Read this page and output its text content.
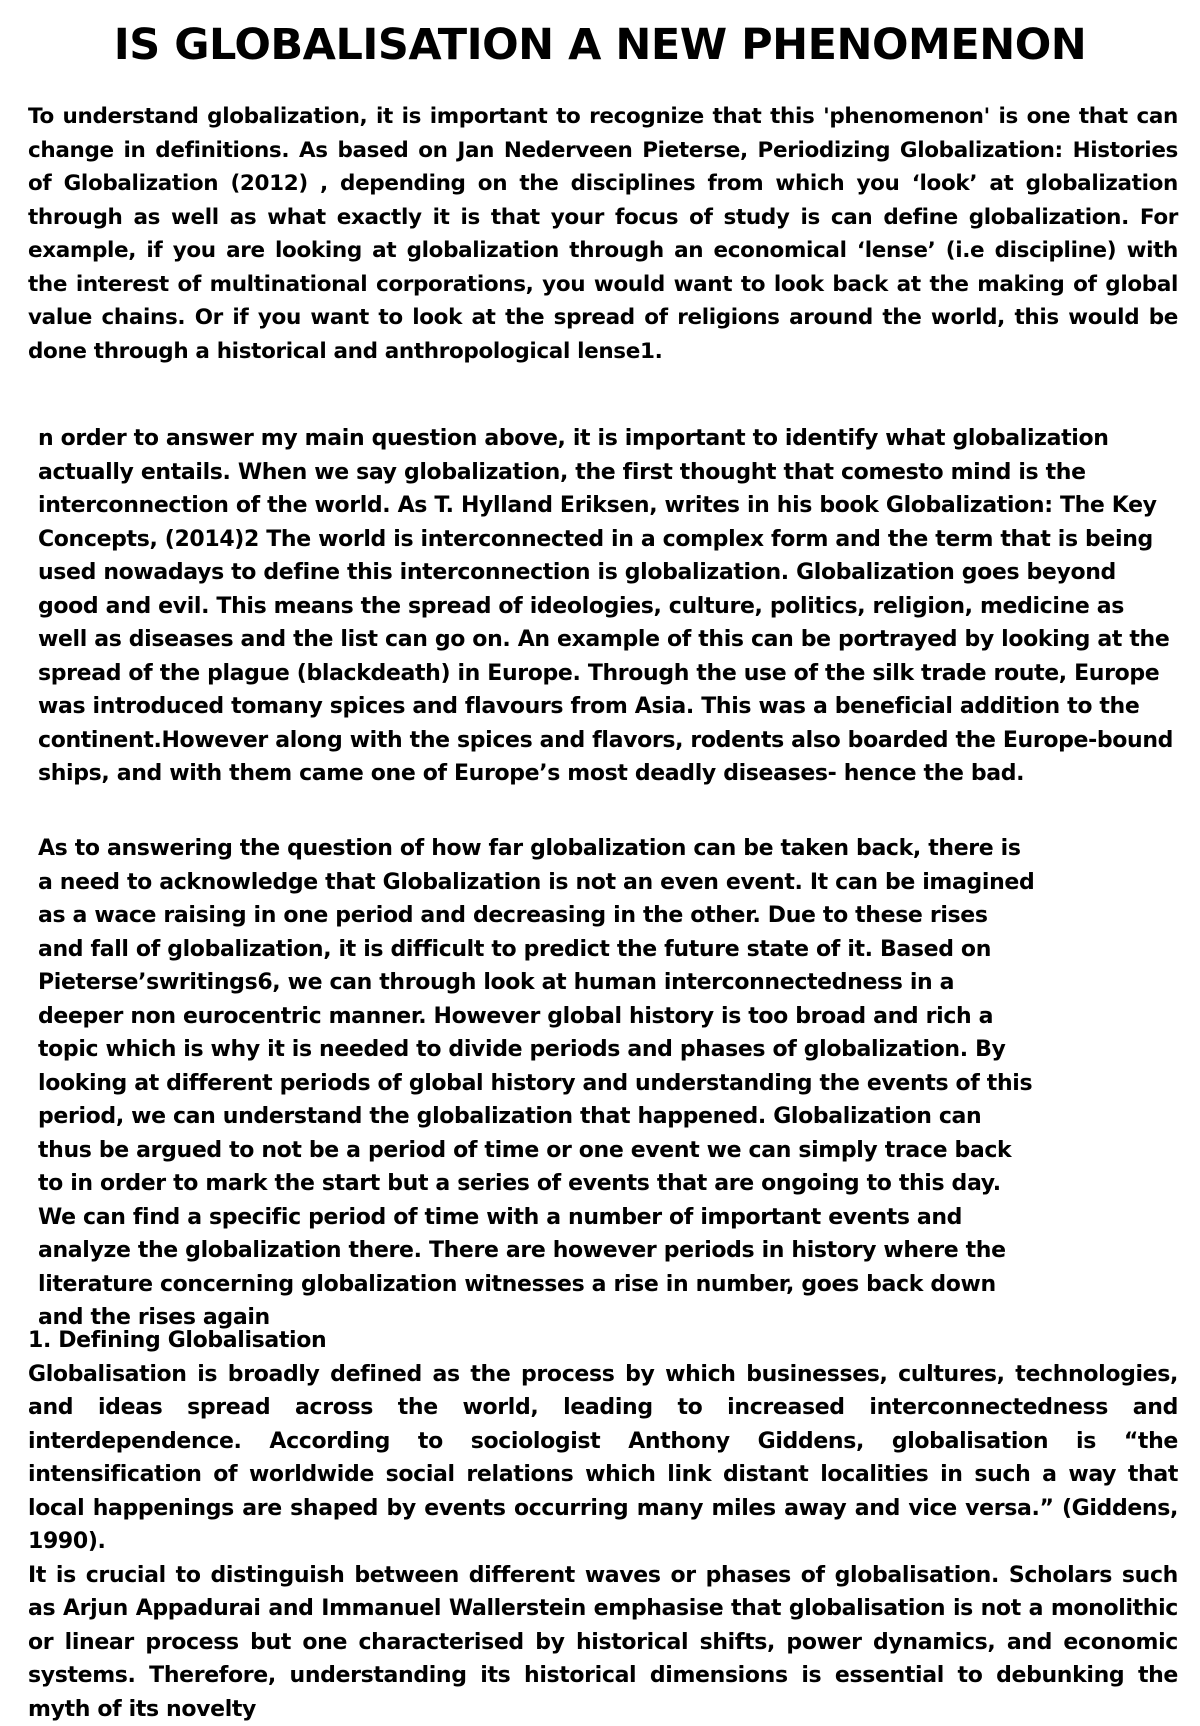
IS GLOBALISATION A NEW PHENOMENON

To understand globalization, it is important to recognize that this 'phenomenon' is one that can change in definitions. As based on Jan Nederveen Pieterse, Periodizing Globalization: Histories of Globalization (2012) , depending on the disciplines from which you ‘look’ at globalization through as well as what exactly it is that your focus of study is can define globalization. For example, if you are looking at globalization through an economical ‘lense’ (i.e discipline) with the interest of multinational corporations, you would want to look back at the making of global value chains. Or if you want to look at the spread of religions around the world, this would be done through a historical and anthropological lense1.

n order to answer my main question above, it is important to identify what globalization actually entails. When we say globalization, the first thought that comesto mind is the interconnection of the world. As T. Hylland Eriksen, writes in his book Globalization: The Key Concepts, (2014)2 The world is interconnected in a complex form and the term that is being used nowadays to define this interconnection is globalization. Globalization goes beyond good and evil. This means the spread of ideologies, culture, politics, religion, medicine as well as diseases and the list can go on. An example of this can be portrayed by looking at the spread of the plague (blackdeath) in Europe. Through the use of the silk trade route, Europe was introduced tomany spices and flavours from Asia. This was a beneficial addition to the continent.However along with the spices and flavors, rodents also boarded the Europe-bound ships, and with them came one of Europe’s most deadly diseases- hence the bad.

As to answering the question of how far globalization can be taken back, there is a need to acknowledge that Globalization is not an even event. It can be imagined as a wace raising in one period and decreasing in the other. Due to these rises and fall of globalization, it is difficult to predict the future state of it. Based on Pieterse’swritings6, we can through look at human interconnectedness in a deeper non eurocentric manner. However global history is too broad and rich a topic which is why it is needed to divide periods and phases of globalization. By looking at different periods of global history and understanding the events of this period, we can understand the globalization that happened. Globalization can thus be argued to not be a period of time or one event we can simply trace back to in order to mark the start but a series of events that are ongoing to this day. We can find a specific period of time with a number of important events and analyze the globalization there. There are however periods in history where the literature concerning globalization witnesses a rise in number, goes back down and the rises again

1. Defining Globalisation
Globalisation is broadly defined as the process by which businesses, cultures, technologies, and ideas spread across the world, leading to increased interconnectedness and interdependence. According to sociologist Anthony Giddens, globalisation is “the intensification of worldwide social relations which link distant localities in such a way that local happenings are shaped by events occurring many miles away and vice versa.” (Giddens, 1990).
It is crucial to distinguish between different waves or phases of globalisation. Scholars such as Arjun Appadurai and Immanuel Wallerstein emphasise that globalisation is not a monolithic or linear process but one characterised by historical shifts, power dynamics, and economic systems. Therefore, understanding its historical dimensions is essential to debunking the myth of its novelty
